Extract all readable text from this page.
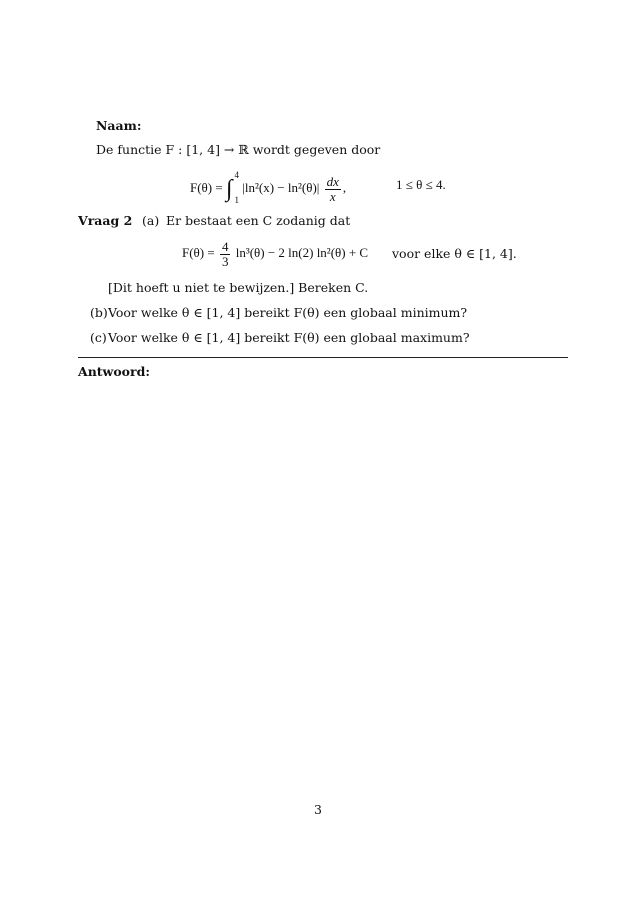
Naam:
De functie F : [1, 4] → ℝ wordt gegeven door
F(θ) = ∫
4
1
$|\ln^2(x) - \ln^2(\theta)| \frac{dx}{x}$ ,	1 ≤ θ ≤ 4.
Vraag 2 (a) Er bestaat een C zodanig dat
$F(\theta) = \frac{4}{3} \ln^3(\theta) - 2$ ln(2) ln²(θ) + C voor elke θ ∈ [1, 4].
[Dit hoeft u niet te bewijzen.] Bereken C.
(b) Voor welke θ ∈ [1, 4] bereikt F(θ) een globaal minimum?
(c) Voor welke θ ∈ [1, 4] bereikt F(θ) een globaal maximum?
Antwoord:
3
